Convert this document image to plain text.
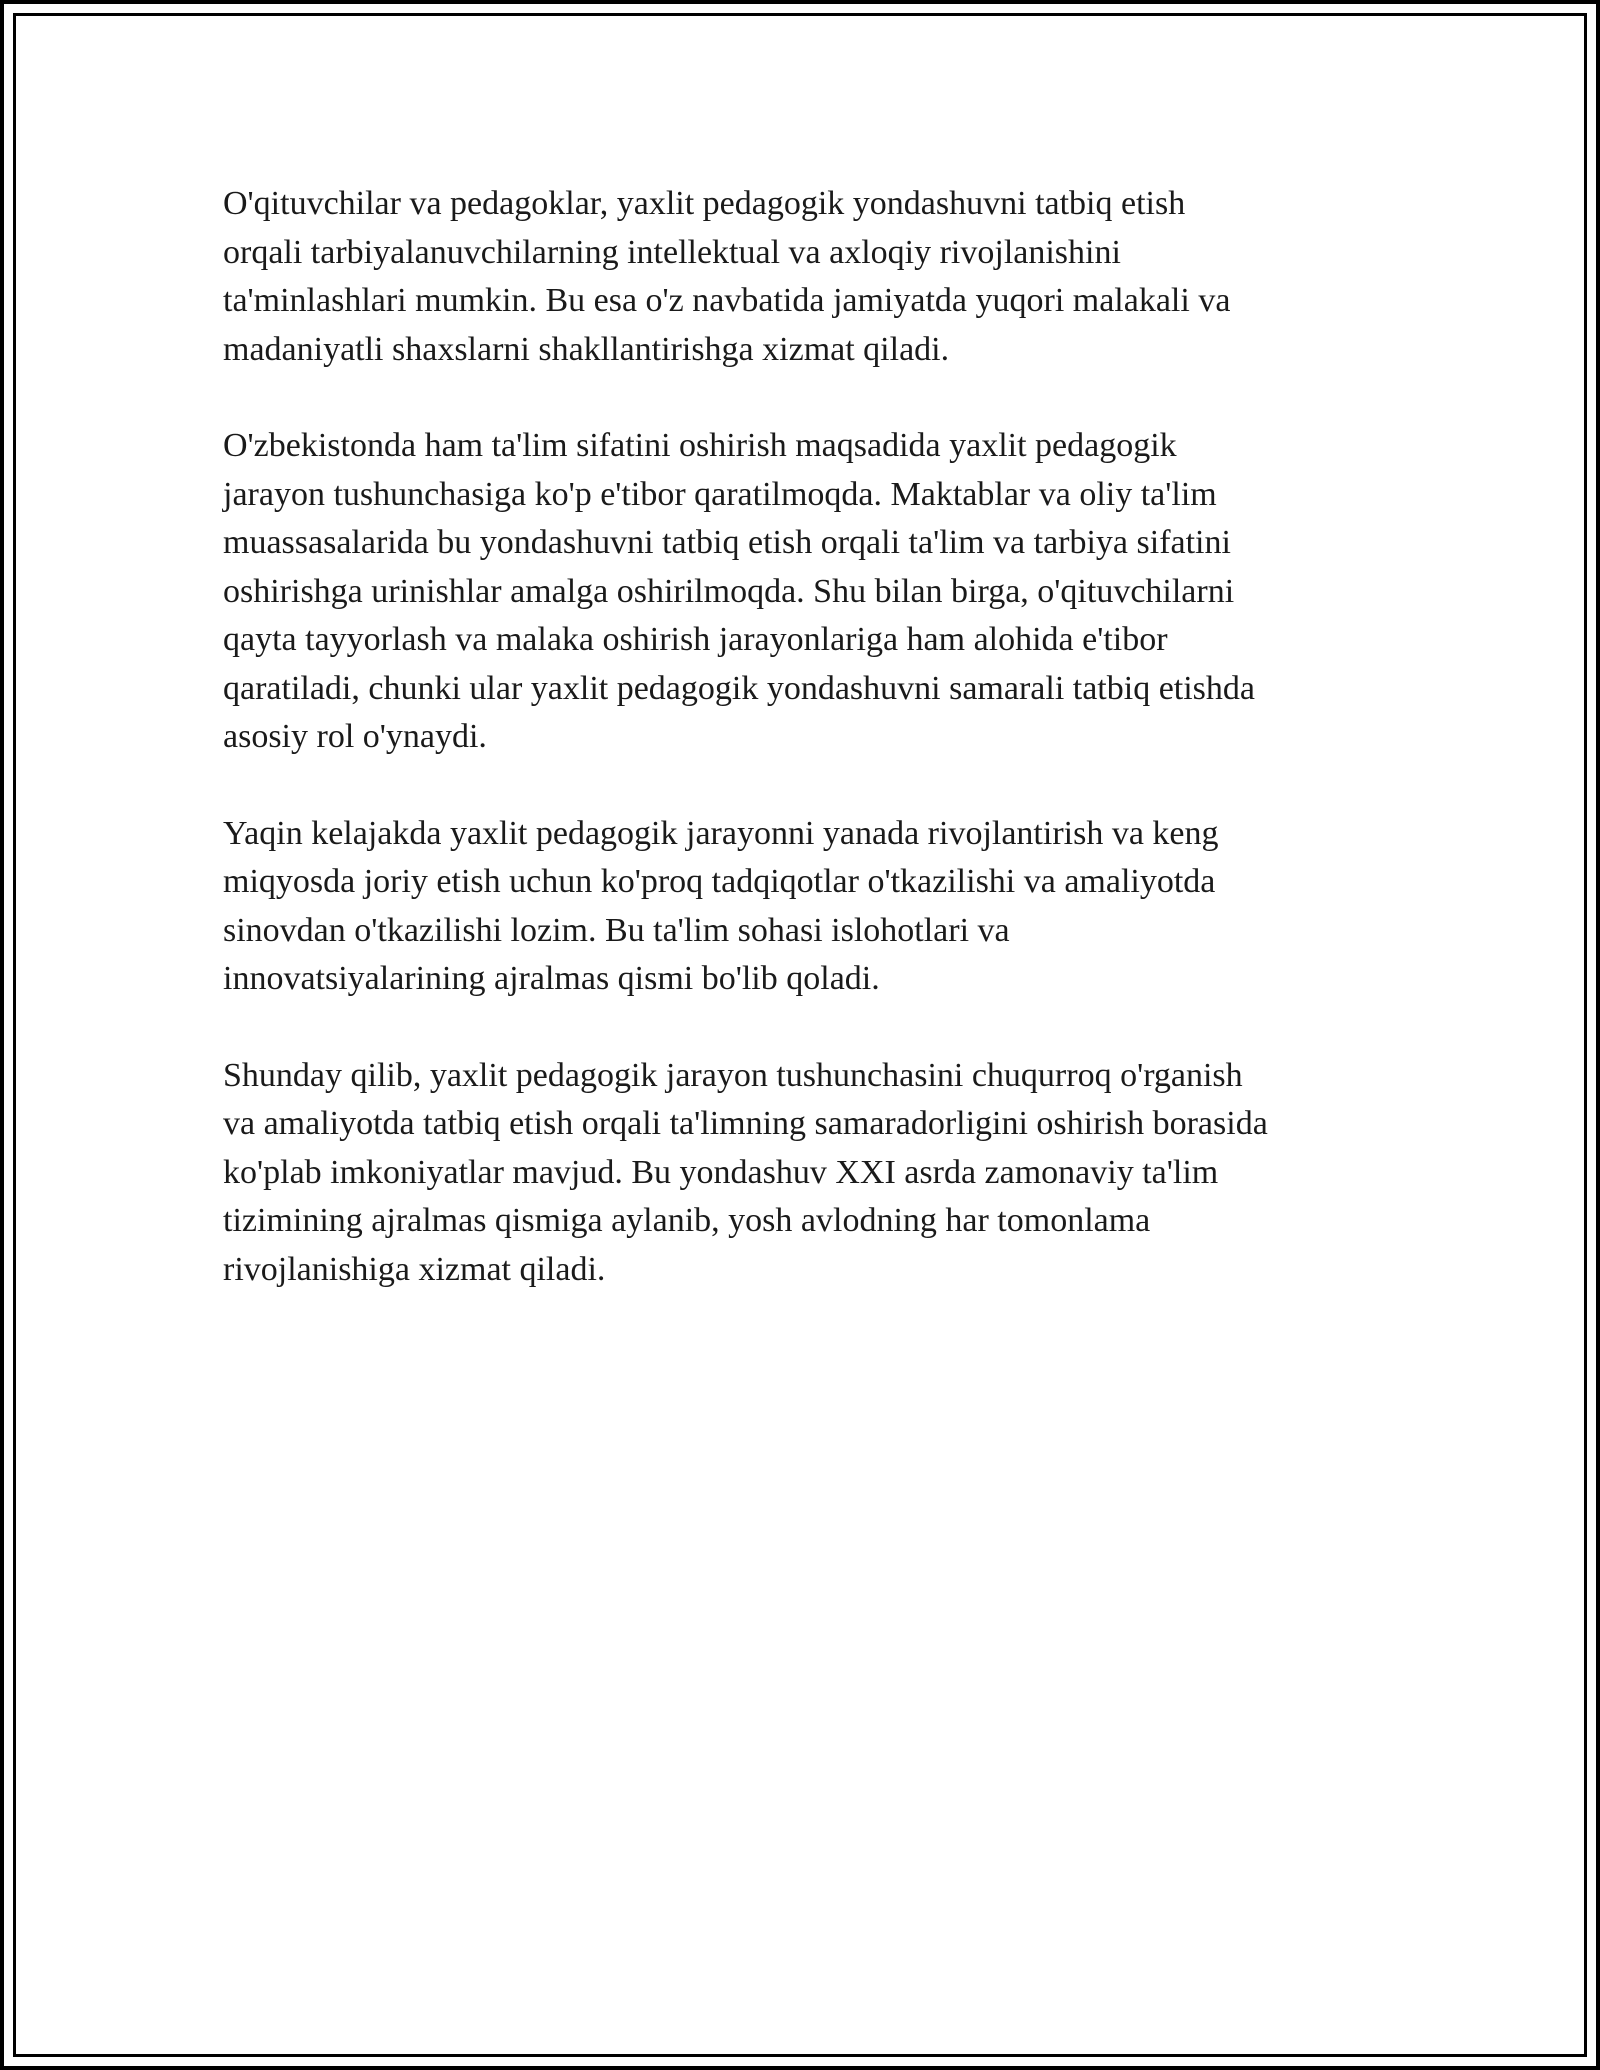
O'qituvchilar va pedagoklar, yaxlit pedagogik yondashuvni tatbiq etish
orqali tarbiyalanuvchilarning intellektual va axloqiy rivojlanishini
ta'minlashlari mumkin. Bu esa o'z navbatida jamiyatda yuqori malakali va
madaniyatli shaxslarni shakllantirishga xizmat qiladi.

O'zbekistonda ham ta'lim sifatini oshirish maqsadida yaxlit pedagogik
jarayon tushunchasiga ko'p e'tibor qaratilmoqda. Maktablar va oliy ta'lim
muassasalarida bu yondashuvni tatbiq etish orqali ta'lim va tarbiya sifatini
oshirishga urinishlar amalga oshirilmoqda. Shu bilan birga, o'qituvchilarni
qayta tayyorlash va malaka oshirish jarayonlariga ham alohida e'tibor
qaratiladi, chunki ular yaxlit pedagogik yondashuvni samarali tatbiq etishda
asosiy rol o'ynaydi.

Yaqin kelajakda yaxlit pedagogik jarayonni yanada rivojlantirish va keng
miqyosda joriy etish uchun ko'proq tadqiqotlar o'tkazilishi va amaliyotda
sinovdan o'tkazilishi lozim. Bu ta'lim sohasi islohotlari va
innovatsiyalarining ajralmas qismi bo'lib qoladi.

Shunday qilib, yaxlit pedagogik jarayon tushunchasini chuqurroq o'rganish
va amaliyotda tatbiq etish orqali ta'limning samaradorligini oshirish borasida
ko'plab imkoniyatlar mavjud. Bu yondashuv XXI asrda zamonaviy ta'lim
tizimining ajralmas qismiga aylanib, yosh avlodning har tomonlama
rivojlanishiga xizmat qiladi.
